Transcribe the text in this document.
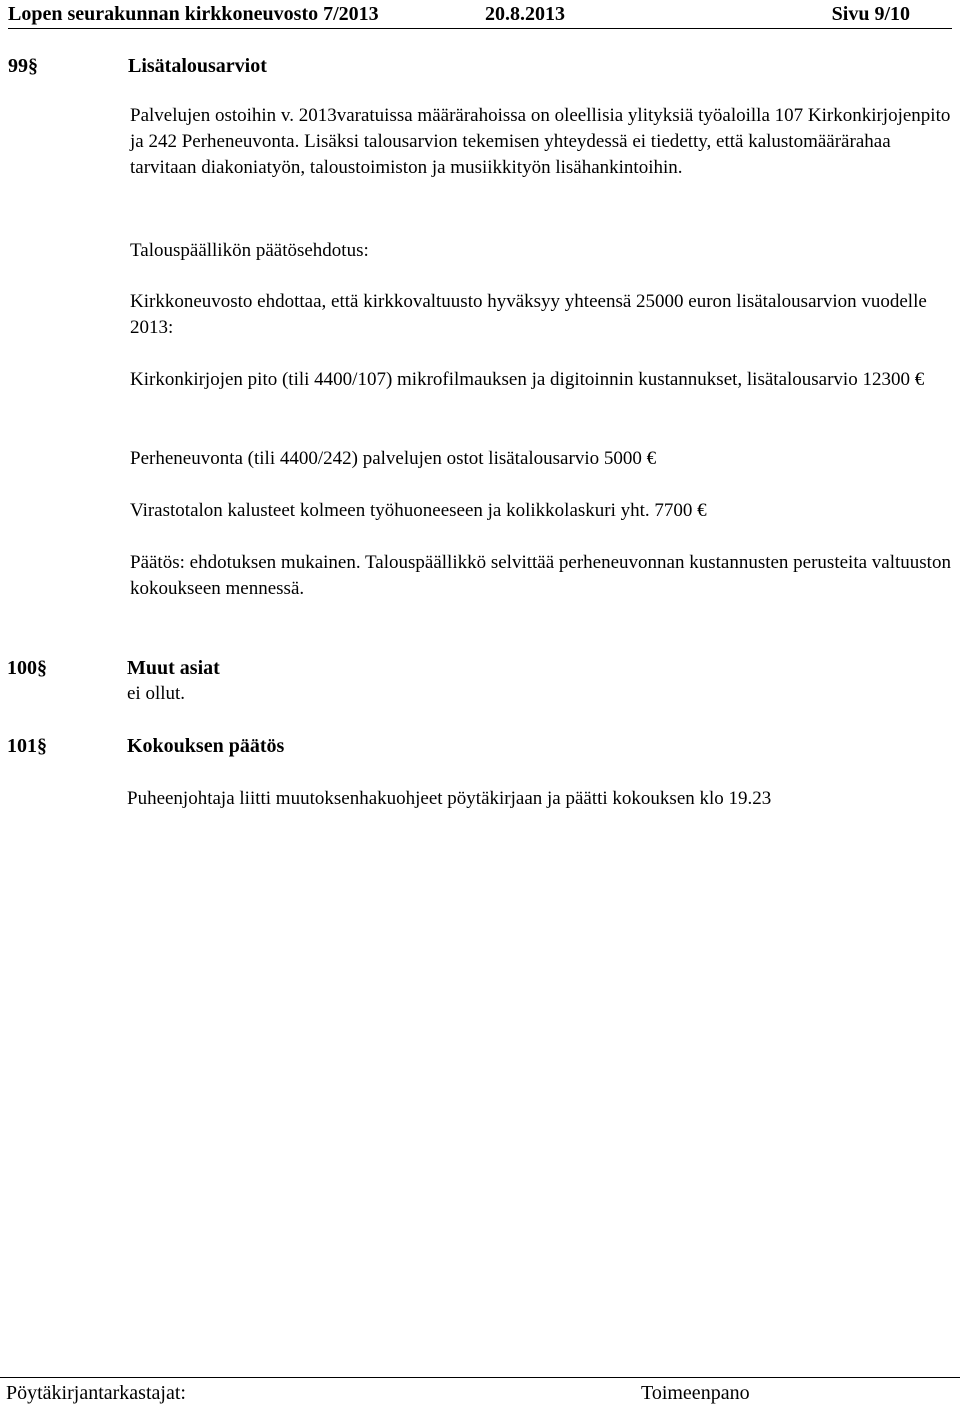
Lopen seurakunnan kirkkoneuvosto 7/2013	20.8.2013	Sivu 9/10
99§	Lisätalousarviot

Palvelujen ostoihin v. 2013varatuissa määrärahoissa on oleellisia ylityksiä työaloilla 107 Kirkonkirjojenpito ja 242 Perheneuvonta. Lisäksi talousarvion tekemisen yhteydessä ei tiedetty, että kalustomäärärahaa tarvitaan diakoniatyön, taloustoimiston ja musiikkityön lisähankintoihin.

Talouspäällikön päätösehdotus:

Kirkkoneuvosto ehdottaa, että kirkkovaltuusto hyväksyy yhteensä 25000 euron lisätalousarvion vuodelle 2013:

Kirkonkirjojen pito (tili 4400/107) mikrofilmauksen ja digitoinnin kustannukset, lisätalousarvio 12300 €

Perheneuvonta (tili 4400/242) palvelujen ostot lisätalousarvio 5000 €

Virastotalon kalusteet kolmeen työhuoneeseen ja kolikkolaskuri yht. 7700 €

Päätös: ehdotuksen mukainen. Talouspäällikkö selvittää perheneuvonnan kustannusten perusteita valtuuston kokoukseen mennessä.

100§	Muut asiat

ei ollut.

101§	Kokouksen päätös

Puheenjohtaja liitti muutoksenhakuohjeet pöytäkirjaan ja päätti kokouksen klo 19.23

Pöytäkirjantarkastajat:	Toimeenpano
